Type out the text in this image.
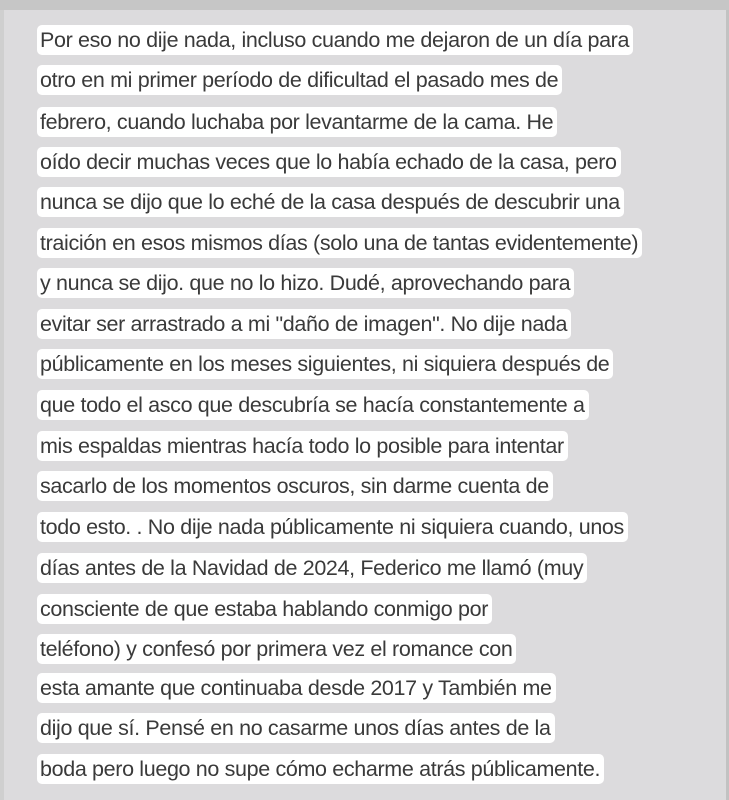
Por eso no dije nada, incluso cuando me dejaron de un día para
otro en mi primer período de dificultad el pasado mes de
febrero, cuando luchaba por levantarme de la cama. He
oído decir muchas veces que lo había echado de la casa, pero
nunca se dijo que lo eché de la casa después de descubrir una
traición en esos mismos días (solo una de tantas evidentemente)
y nunca se dijo. que no lo hizo. Dudé, aprovechando para
evitar ser arrastrado a mi "daño de imagen". No dije nada
públicamente en los meses siguientes, ni siquiera después de
que todo el asco que descubría se hacía constantemente a
mis espaldas mientras hacía todo lo posible para intentar
sacarlo de los momentos oscuros, sin darme cuenta de
todo esto. . No dije nada públicamente ni siquiera cuando, unos
días antes de la Navidad de 2024, Federico me llamó (muy
consciente de que estaba hablando conmigo por
teléfono) y confesó por primera vez el romance con
esta amante que continuaba desde 2017 y También me
dijo que sí. Pensé en no casarme unos días antes de la
boda pero luego no supe cómo echarme atrás públicamente.
